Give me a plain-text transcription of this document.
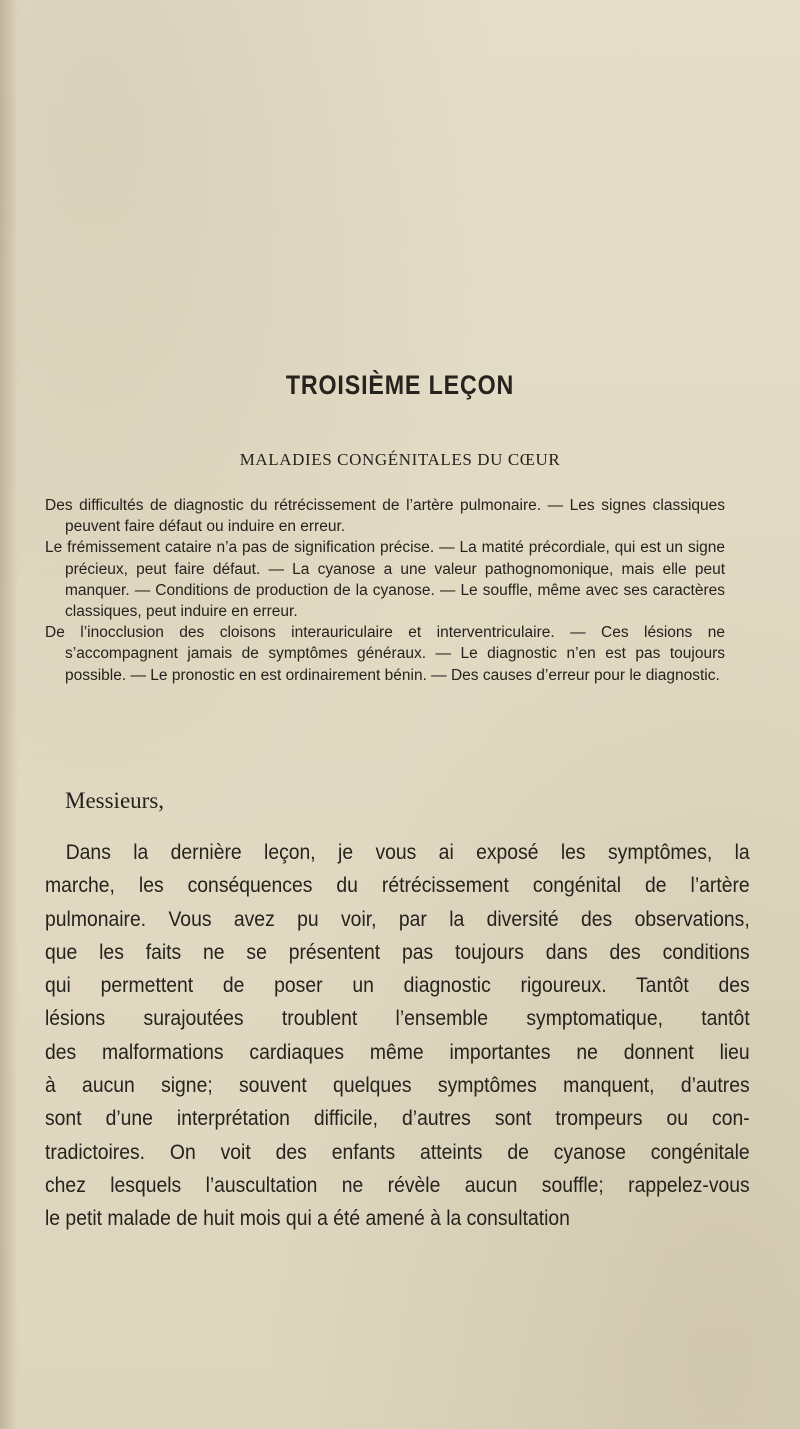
TROISIÈME LEÇON
MALADIES CONGÉNITALES DU CŒUR

Des difficultés de diagnostic du rétrécissement de l’artère pulmonaire. — Les signes classiques peuvent faire défaut ou induire en erreur.

Le frémissement cataire n’a pas de signification précise. — La matité précordiale, qui est un signe précieux, peut faire défaut. — La cyanose a une valeur pathognomonique, mais elle peut manquer. — Conditions de production de la cyanose. — Le souffle, même avec ses caractères classiques, peut induire en erreur.

De l’inocclusion des cloisons interauriculaire et interventriculaire. — Ces lésions ne s’accompagnent jamais de symptômes généraux. — Le diagnostic n’en est pas toujours possible. — Le pronostic en est ordinairement bénin. — Des causes d’erreur pour le diagnostic.

Messieurs,
Dans la dernière leçon, je vous ai exposé les symptômes, la
marche, les conséquences du rétrécissement congénital de l’artère
pulmonaire. Vous avez pu voir, par la diversité des observations,
que les faits ne se présentent pas toujours dans des conditions
qui permettent de poser un diagnostic rigoureux. Tantôt des
lésions surajoutées troublent l’ensemble symptomatique, tantôt
des malformations cardiaques même importantes ne donnent lieu
à aucun signe; souvent quelques symptômes manquent, d’autres
sont d’une interprétation difficile, d’autres sont trompeurs ou con-
tradictoires. On voit des enfants atteints de cyanose congénitale
chez lesquels l’auscultation ne révèle aucun souffle; rappelez-vous
le petit malade de huit mois qui a été amené à la consultation
